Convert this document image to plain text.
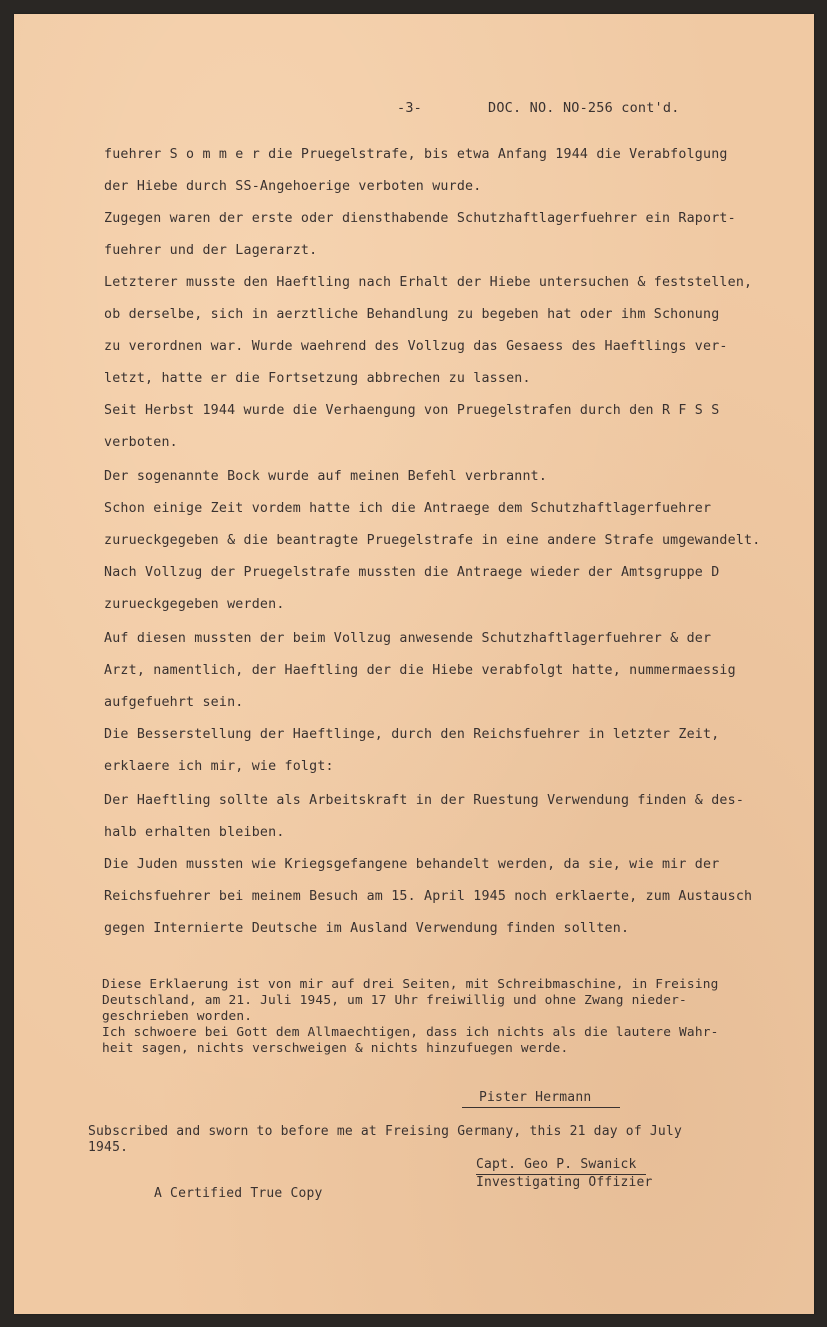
-3-	DOC. NO. NO-256 cont'd.
fuehrer S o m m e r die Pruegelstrafe, bis etwa Anfang 1944 die Verabfolgung
der Hiebe durch SS-Angehoerige verboten wurde.
Zugegen waren der erste oder diensthabende Schutzhaftlagerfuehrer ein Raport-
fuehrer und der Lagerarzt.
Letzterer musste den Haeftling nach Erhalt der Hiebe untersuchen & feststellen,
ob derselbe, sich in aerztliche Behandlung zu begeben hat oder ihm Schonung
zu verordnen war. Wurde waehrend des Vollzug das Gesaess des Haeftlings ver-
letzt, hatte er die Fortsetzung abbrechen zu lassen.
Seit Herbst 1944 wurde die Verhaengung von Pruegelstrafen durch den R F S S
verboten.
Der sogenannte Bock wurde auf meinen Befehl verbrannt.
Schon einige Zeit vordem hatte ich die Antraege dem Schutzhaftlagerfuehrer
zurueckgegeben & die beantragte Pruegelstrafe in eine andere Strafe umgewandelt.
Nach Vollzug der Pruegelstrafe mussten die Antraege wieder der Amtsgruppe D
zurueckgegeben werden.
Auf diesen mussten der beim Vollzug anwesende Schutzhaftlagerfuehrer & der
Arzt, namentlich, der Haeftling der die Hiebe verabfolgt hatte, nummermaessig
aufgefuehrt sein.
Die Besserstellung der Haeftlinge, durch den Reichsfuehrer in letzter Zeit,
erklaere ich mir, wie folgt:
Der Haeftling sollte als Arbeitskraft in der Ruestung Verwendung finden & des-
halb erhalten bleiben.
Die Juden mussten wie Kriegsgefangene behandelt werden, da sie, wie mir der
Reichsfuehrer bei meinem Besuch am 15. April 1945 noch erklaerte, zum Austausch
gegen Internierte Deutsche im Ausland Verwendung finden sollten.
Diese Erklaerung ist von mir auf drei Seiten, mit Schreibmaschine, in Freising
Deutschland, am 21. Juli 1945, um 17 Uhr freiwillig und ohne Zwang nieder-
geschrieben worden.
Ich schwoere bei Gott dem Allmaechtigen, dass ich nichts als die lautere Wahr-
heit sagen, nichts verschweigen & nichts hinzufuegen werde.
Pister Hermann
Subscribed and sworn to before me at Freising Germany, this 21 day of July
1945.
Capt. Geo P. Swanick
Investigating Offizier
A Certified True Copy
